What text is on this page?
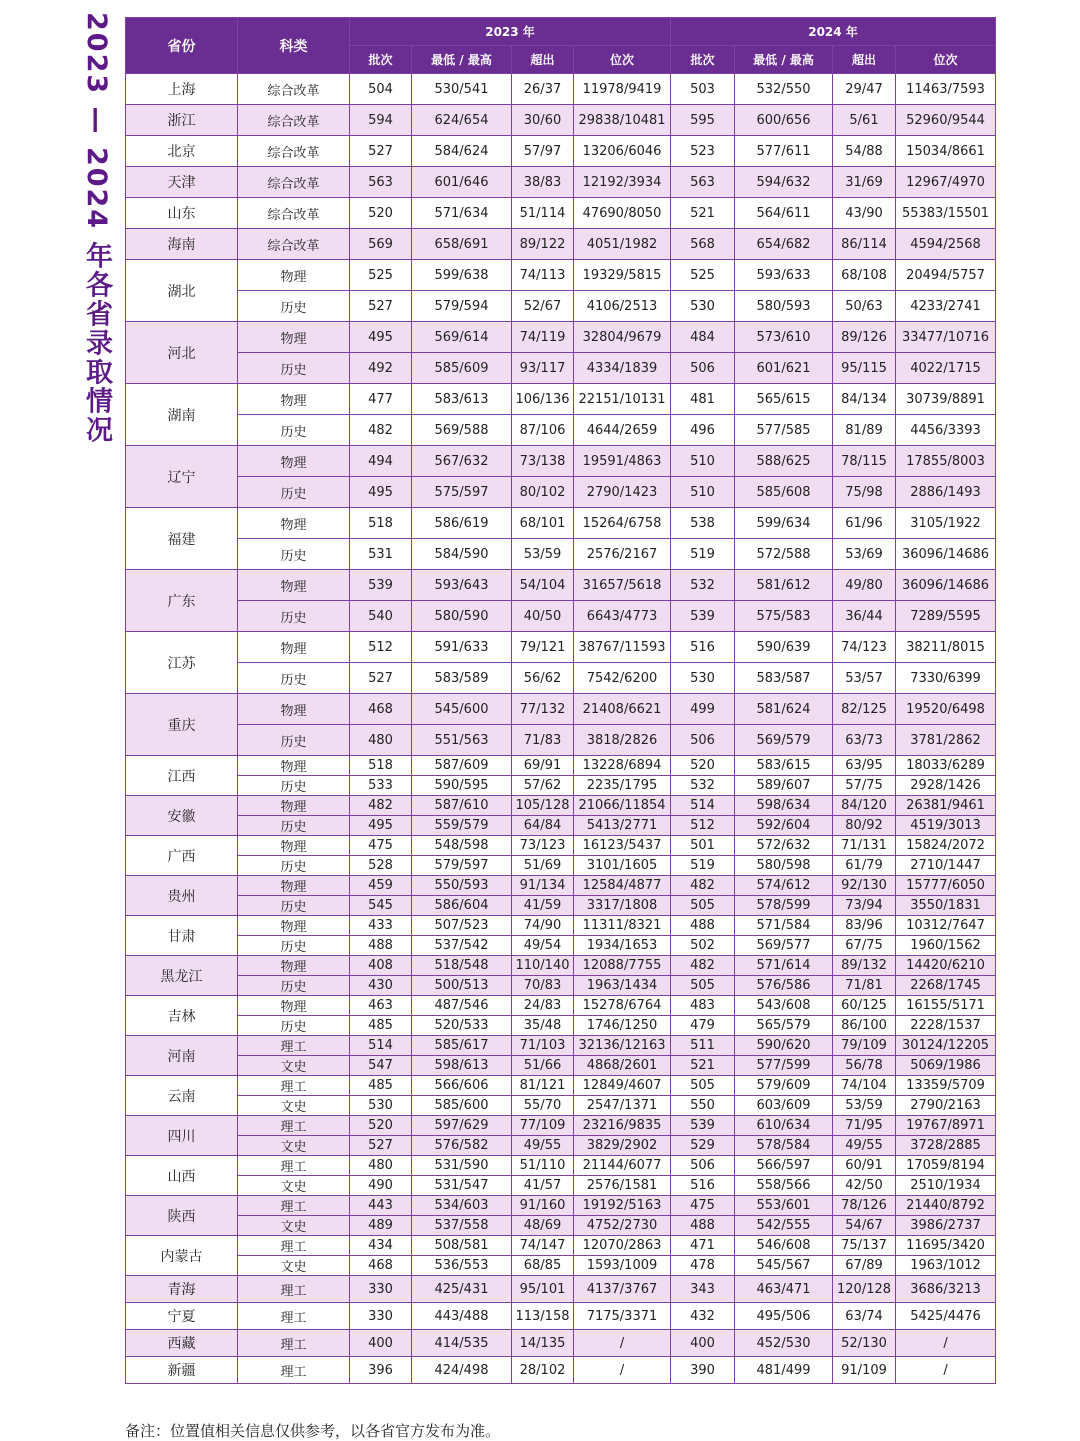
2023 — 2024 年各省录取情况	省份	科类	2023 年				2024 年			
		批次	最低 / 最高	超出	位次	批次	最低 / 最高	超出	位次
上海	综合改革	504	530/541	26/37	11978/9419	503	532/550	29/47	11463/7593
浙江	综合改革	594	624/654	30/60	29838/10481	595	600/656	5/61	52960/9544
北京	综合改革	527	584/624	57/97	13206/6046	523	577/611	54/88	15034/8661
天津	综合改革	563	601/646	38/83	12192/3934	563	594/632	31/69	12967/4970
山东	综合改革	520	571/634	51/114	47690/8050	521	564/611	43/90	55383/15501
海南	综合改革	569	658/691	89/122	4051/1982	568	654/682	86/114	4594/2568
湖北	物理	525	599/638	74/113	19329/5815	525	593/633	68/108	20494/5757
	历史	527	579/594	52/67	4106/2513	530	580/593	50/63	4233/2741
河北	物理	495	569/614	74/119	32804/9679	484	573/610	89/126	33477/10716
	历史	492	585/609	93/117	4334/1839	506	601/621	95/115	4022/1715
湖南	物理	477	583/613	106/136	22151/10131	481	565/615	84/134	30739/8891
	历史	482	569/588	87/106	4644/2659	496	577/585	81/89	4456/3393
辽宁	物理	494	567/632	73/138	19591/4863	510	588/625	78/115	17855/8003
	历史	495	575/597	80/102	2790/1423	510	585/608	75/98	2886/1493
福建	物理	518	586/619	68/101	15264/6758	538	599/634	61/96	3105/1922
	历史	531	584/590	53/59	2576/2167	519	572/588	53/69	36096/14686
广东	物理	539	593/643	54/104	31657/5618	532	581/612	49/80	36096/14686
	历史	540	580/590	40/50	6643/4773	539	575/583	36/44	7289/5595
江苏	物理	512	591/633	79/121	38767/11593	516	590/639	74/123	38211/8015
	历史	527	583/589	56/62	7542/6200	530	583/587	53/57	7330/6399
重庆	物理	468	545/600	77/132	21408/6621	499	581/624	82/125	19520/6498
	历史	480	551/563	71/83	3818/2826	506	569/579	63/73	3781/2862
江西	物理	518	587/609	69/91	13228/6894	520	583/615	63/95	18033/6289
	历史	533	590/595	57/62	2235/1795	532	589/607	57/75	2928/1426
安徽	物理	482	587/610	105/128	21066/11854	514	598/634	84/120	26381/9461
	历史	495	559/579	64/84	5413/2771	512	592/604	80/92	4519/3013
广西	物理	475	548/598	73/123	16123/5437	501	572/632	71/131	15824/2072
	历史	528	579/597	51/69	3101/1605	519	580/598	61/79	2710/1447
贵州	物理	459	550/593	91/134	12584/4877	482	574/612	92/130	15777/6050
	历史	545	586/604	41/59	3317/1808	505	578/599	73/94	3550/1831
甘肃	物理	433	507/523	74/90	11311/8321	488	571/584	83/96	10312/7647
	历史	488	537/542	49/54	1934/1653	502	569/577	67/75	1960/1562
黑龙江	物理	408	518/548	110/140	12088/7755	482	571/614	89/132	14420/6210
	历史	430	500/513	70/83	1963/1434	505	576/586	71/81	2268/1745
吉林	物理	463	487/546	24/83	15278/6764	483	543/608	60/125	16155/5171
	历史	485	520/533	35/48	1746/1250	479	565/579	86/100	2228/1537
河南	理工	514	585/617	71/103	32136/12163	511	590/620	79/109	30124/12205
	文史	547	598/613	51/66	4868/2601	521	577/599	56/78	5069/1986
云南	理工	485	566/606	81/121	12849/4607	505	579/609	74/104	13359/5709
	文史	530	585/600	55/70	2547/1371	550	603/609	53/59	2790/2163
四川	理工	520	597/629	77/109	23216/9835	539	610/634	71/95	19767/8971
	文史	527	576/582	49/55	3829/2902	529	578/584	49/55	3728/2885
山西	理工	480	531/590	51/110	21144/6077	506	566/597	60/91	17059/8194
	文史	490	531/547	41/57	2576/1581	516	558/566	42/50	2510/1934
陕西	理工	443	534/603	91/160	19192/5163	475	553/601	78/126	21440/8792
	文史	489	537/558	48/69	4752/2730	488	542/555	54/67	3986/2737
内蒙古	理工	434	508/581	74/147	12070/2863	471	546/608	75/137	11695/3420
	文史	468	536/553	68/85	1593/1009	478	545/567	67/89	1963/1012
青海	理工	330	425/431	95/101	4137/3767	343	463/471	120/128	3686/3213
宁夏	理工	330	443/488	113/158	7175/3371	432	495/506	63/74	5425/4476
西藏	理工	400	414/535	14/135	/	400	452/530	52/130	/
新疆	理工	396	424/498	28/102	/	390	481/499	91/109	/
备注：位置值相关信息仅供参考，以各省官方发布为准。
